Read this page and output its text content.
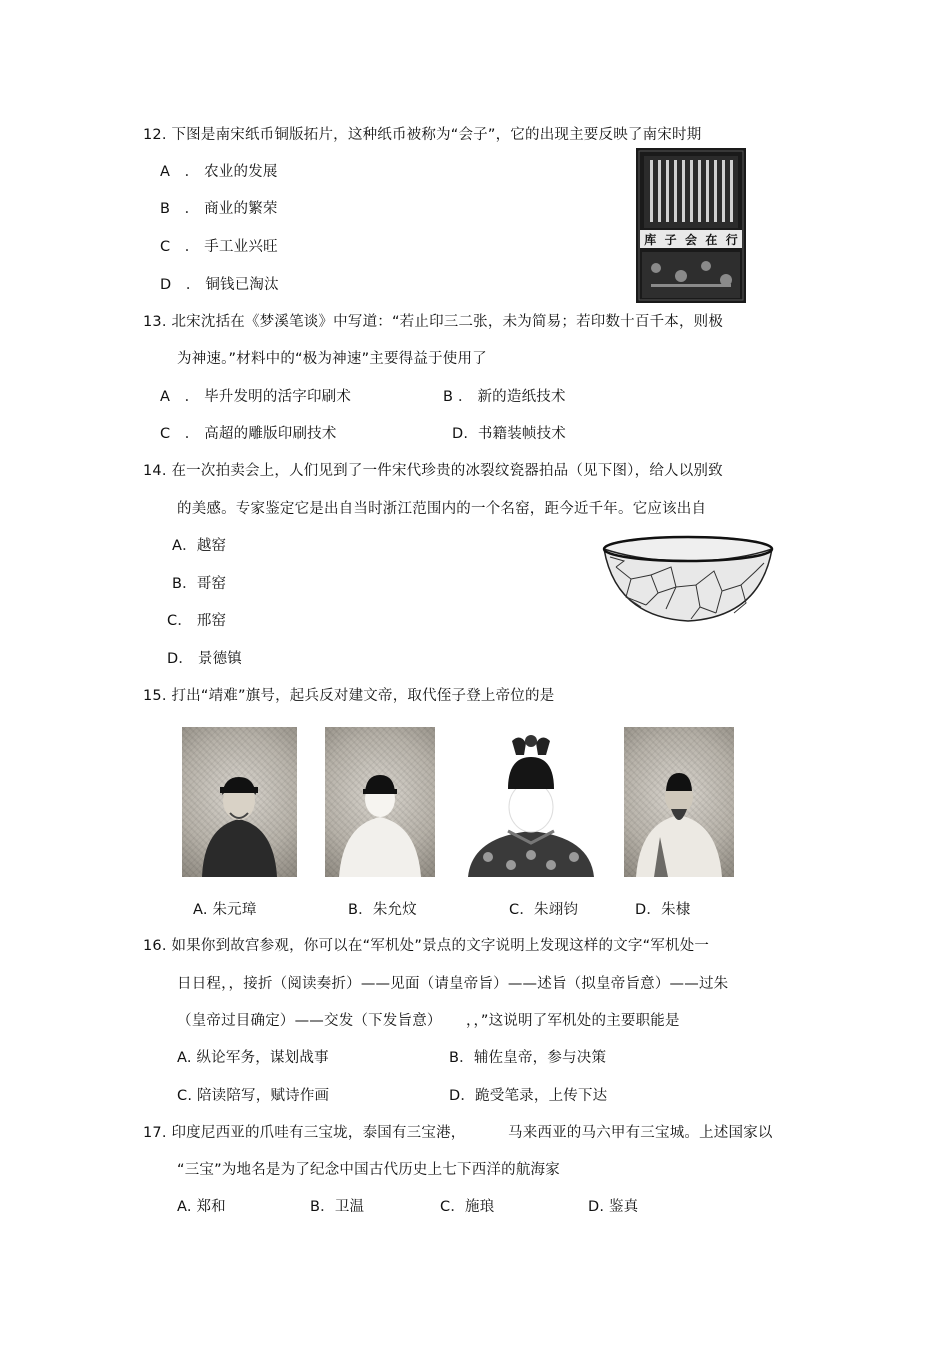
12. 下图是南宋纸币铜版拓片，这种纸币被称为“会子”，它的出现主要反映了南宋时期
A ． 农业的发展
B ． 商业的繁荣
C ． 手工业兴旺
D ． 铜钱已淘汰
库 子 会 在 行
13. 北宋沈括在《梦溪笔谈》中写道：“若止印三二张，未为简易；若印数十百千本，则极
为神速。”材料中的“极为神速”主要得益于使用了
A ． 毕升发明的活字印刷术	B ． 新的造纸技术
C ． 高超的雕版印刷技术	D. 书籍装帧技术
14. 在一次拍卖会上，人们见到了一件宋代珍贵的冰裂纹瓷器拍品（见下图），给人以别致
的美感。专家鉴定它是出自当时浙江范围内的一个名窑，距今近千年。它应该出自
A．越窑
B．哥窑
C． 邢窑
D． 景德镇
15. 打出“靖难”旗号，起兵反对建文帝，取代侄子登上帝位的是
A. 朱元璋	B．朱允炆	C．朱翊钧	D．朱棣
16. 如果你到故宫参观，你可以在“军机处”景点的文字说明上发现这样的文字“军机处一
日日程，，接折（阅读奏折）——见面（请皇帝旨）——述旨（拟皇帝旨意）——过朱
（皇帝过目确定）——交发（下发旨意） ，，”这说明了军机处的主要职能是
A. 纵论军务，谋划战事	B．辅佐皇帝，参与决策
C. 陪读陪写，赋诗作画	D．跪受笔录，上传下达
17. 印度尼西亚的爪哇有三宝垅，泰国有三宝港，	马来西亚的马六甲有三宝城。上述国家以
“三宝”为地名是为了纪念中国古代历史上七下西洋的航海家
A. 郑和	B．卫温	C．施琅	D. 鉴真
